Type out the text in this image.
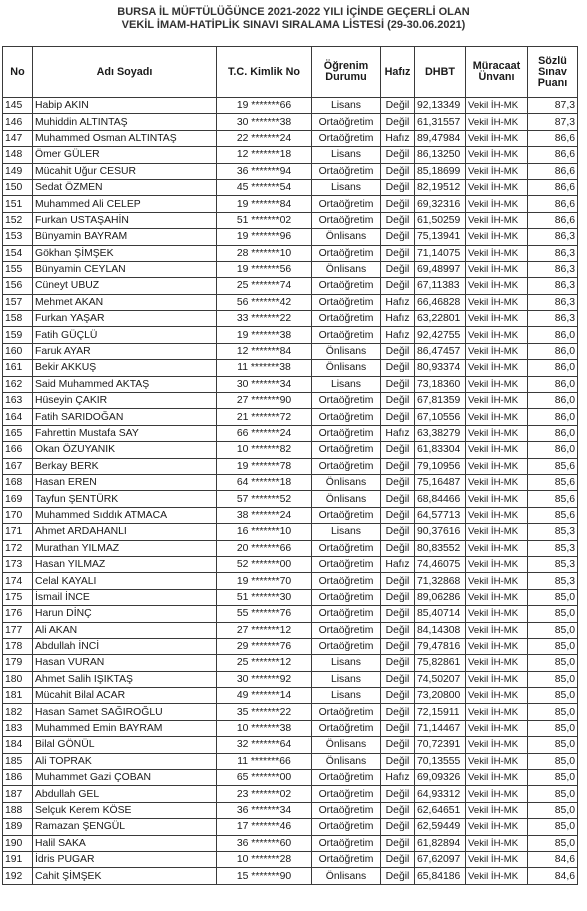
BURSA İL MÜFTÜLÜĞÜNCE 2021-2022 YILI İÇİNDE GEÇERLİ OLAN
VEKİL İMAM-HATİPLİK SINAVI SIRALAMA LİSTESİ (29-30.06.2021)
No	Adı Soyadı	T.C. Kimlik No	Öğrenim Durumu	Hafız	DHBT	Müracaat Ünvanı	Sözlü Sınav Puanı
145	Habip AKIN	19 *******66	Lisans	Değil	92,13349	Vekil İH-MK	87,3
146	Muhiddin ALTINTAŞ	30 *******38	Ortaöğretim	Değil	61,31557	Vekil İH-MK	87,3
147	Muhammed Osman ALTINTAŞ	22 *******24	Ortaöğretim	Hafız	89,47984	Vekil İH-MK	86,6
148	Ömer GÜLER	12 *******18	Lisans	Değil	86,13250	Vekil İH-MK	86,6
149	Mücahit Uğur CESUR	36 *******94	Ortaöğretim	Değil	85,18699	Vekil İH-MK	86,6
150	Sedat ÖZMEN	45 *******54	Lisans	Değil	82,19512	Vekil İH-MK	86,6
151	Muhammed Ali CELEP	19 *******84	Ortaöğretim	Değil	69,32316	Vekil İH-MK	86,6
152	Furkan USTAŞAHİN	51 *******02	Ortaöğretim	Değil	61,50259	Vekil İH-MK	86,6
153	Bünyamin BAYRAM	19 *******96	Önlisans	Değil	75,13941	Vekil İH-MK	86,3
154	Gökhan ŞİMŞEK	28 *******10	Ortaöğretim	Değil	71,14075	Vekil İH-MK	86,3
155	Bünyamin CEYLAN	19 *******56	Önlisans	Değil	69,48997	Vekil İH-MK	86,3
156	Cüneyt UBUZ	25 *******74	Ortaöğretim	Değil	67,11383	Vekil İH-MK	86,3
157	Mehmet AKAN	56 *******42	Ortaöğretim	Hafız	66,46828	Vekil İH-MK	86,3
158	Furkan YAŞAR	33 *******22	Ortaöğretim	Hafız	63,22801	Vekil İH-MK	86,3
159	Fatih GÜÇLÜ	19 *******38	Ortaöğretim	Hafız	92,42755	Vekil İH-MK	86,0
160	Faruk AYAR	12 *******84	Önlisans	Değil	86,47457	Vekil İH-MK	86,0
161	Bekir AKKUŞ	11 *******38	Önlisans	Değil	80,93374	Vekil İH-MK	86,0
162	Said Muhammed AKTAŞ	30 *******34	Lisans	Değil	73,18360	Vekil İH-MK	86,0
163	Hüseyin ÇAKIR	27 *******90	Ortaöğretim	Değil	67,81359	Vekil İH-MK	86,0
164	Fatih SARIDOĞAN	21 *******72	Ortaöğretim	Değil	67,10556	Vekil İH-MK	86,0
165	Fahrettin Mustafa SAY	66 *******24	Ortaöğretim	Hafız	63,38279	Vekil İH-MK	86,0
166	Okan ÖZUYANIK	10 *******82	Ortaöğretim	Değil	61,83304	Vekil İH-MK	86,0
167	Berkay BERK	19 *******78	Ortaöğretim	Değil	79,10956	Vekil İH-MK	85,6
168	Hasan EREN	64 *******18	Önlisans	Değil	75,16487	Vekil İH-MK	85,6
169	Tayfun ŞENTÜRK	57 *******52	Önlisans	Değil	68,84466	Vekil İH-MK	85,6
170	Muhammed Sıddık ATMACA	38 *******24	Ortaöğretim	Değil	64,57713	Vekil İH-MK	85,6
171	Ahmet ARDAHANLI	16 *******10	Lisans	Değil	90,37616	Vekil İH-MK	85,3
172	Murathan YILMAZ	20 *******66	Ortaöğretim	Değil	80,83552	Vekil İH-MK	85,3
173	Hasan YILMAZ	52 *******00	Ortaöğretim	Hafız	74,46075	Vekil İH-MK	85,3
174	Celal KAYALI	19 *******70	Ortaöğretim	Değil	71,32868	Vekil İH-MK	85,3
175	İsmail İNCE	51 *******30	Ortaöğretim	Değil	89,06286	Vekil İH-MK	85,0
176	Harun DİNÇ	55 *******76	Ortaöğretim	Değil	85,40714	Vekil İH-MK	85,0
177	Ali AKAN	27 *******12	Ortaöğretim	Değil	84,14308	Vekil İH-MK	85,0
178	Abdullah İNCİ	29 *******76	Ortaöğretim	Değil	79,47816	Vekil İH-MK	85,0
179	Hasan VURAN	25 *******12	Lisans	Değil	75,82861	Vekil İH-MK	85,0
180	Ahmet Salih IŞIKTAŞ	30 *******92	Lisans	Değil	74,50207	Vekil İH-MK	85,0
181	Mücahit Bilal ACAR	49 *******14	Lisans	Değil	73,20800	Vekil İH-MK	85,0
182	Hasan Samet SAĞIROĞLU	35 *******22	Ortaöğretim	Değil	72,15911	Vekil İH-MK	85,0
183	Muhammed Emin BAYRAM	10 *******38	Ortaöğretim	Değil	71,14467	Vekil İH-MK	85,0
184	Bilal GÖNÜL	32 *******64	Önlisans	Değil	70,72391	Vekil İH-MK	85,0
185	Ali TOPRAK	11 *******66	Önlisans	Değil	70,13555	Vekil İH-MK	85,0
186	Muhammet Gazi ÇOBAN	65 *******00	Ortaöğretim	Hafız	69,09326	Vekil İH-MK	85,0
187	Abdullah GEL	23 *******02	Ortaöğretim	Değil	64,93312	Vekil İH-MK	85,0
188	Selçuk Kerem KÖSE	36 *******34	Ortaöğretim	Değil	62,64651	Vekil İH-MK	85,0
189	Ramazan ŞENGÜL	17 *******46	Ortaöğretim	Değil	62,59449	Vekil İH-MK	85,0
190	Halil SAKA	36 *******60	Ortaöğretim	Değil	61,82894	Vekil İH-MK	85,0
191	İdris PUGAR	10 *******28	Ortaöğretim	Değil	67,62097	Vekil İH-MK	84,6
192	Cahit ŞİMŞEK	15 *******90	Önlisans	Değil	65,84186	Vekil İH-MK	84,6
